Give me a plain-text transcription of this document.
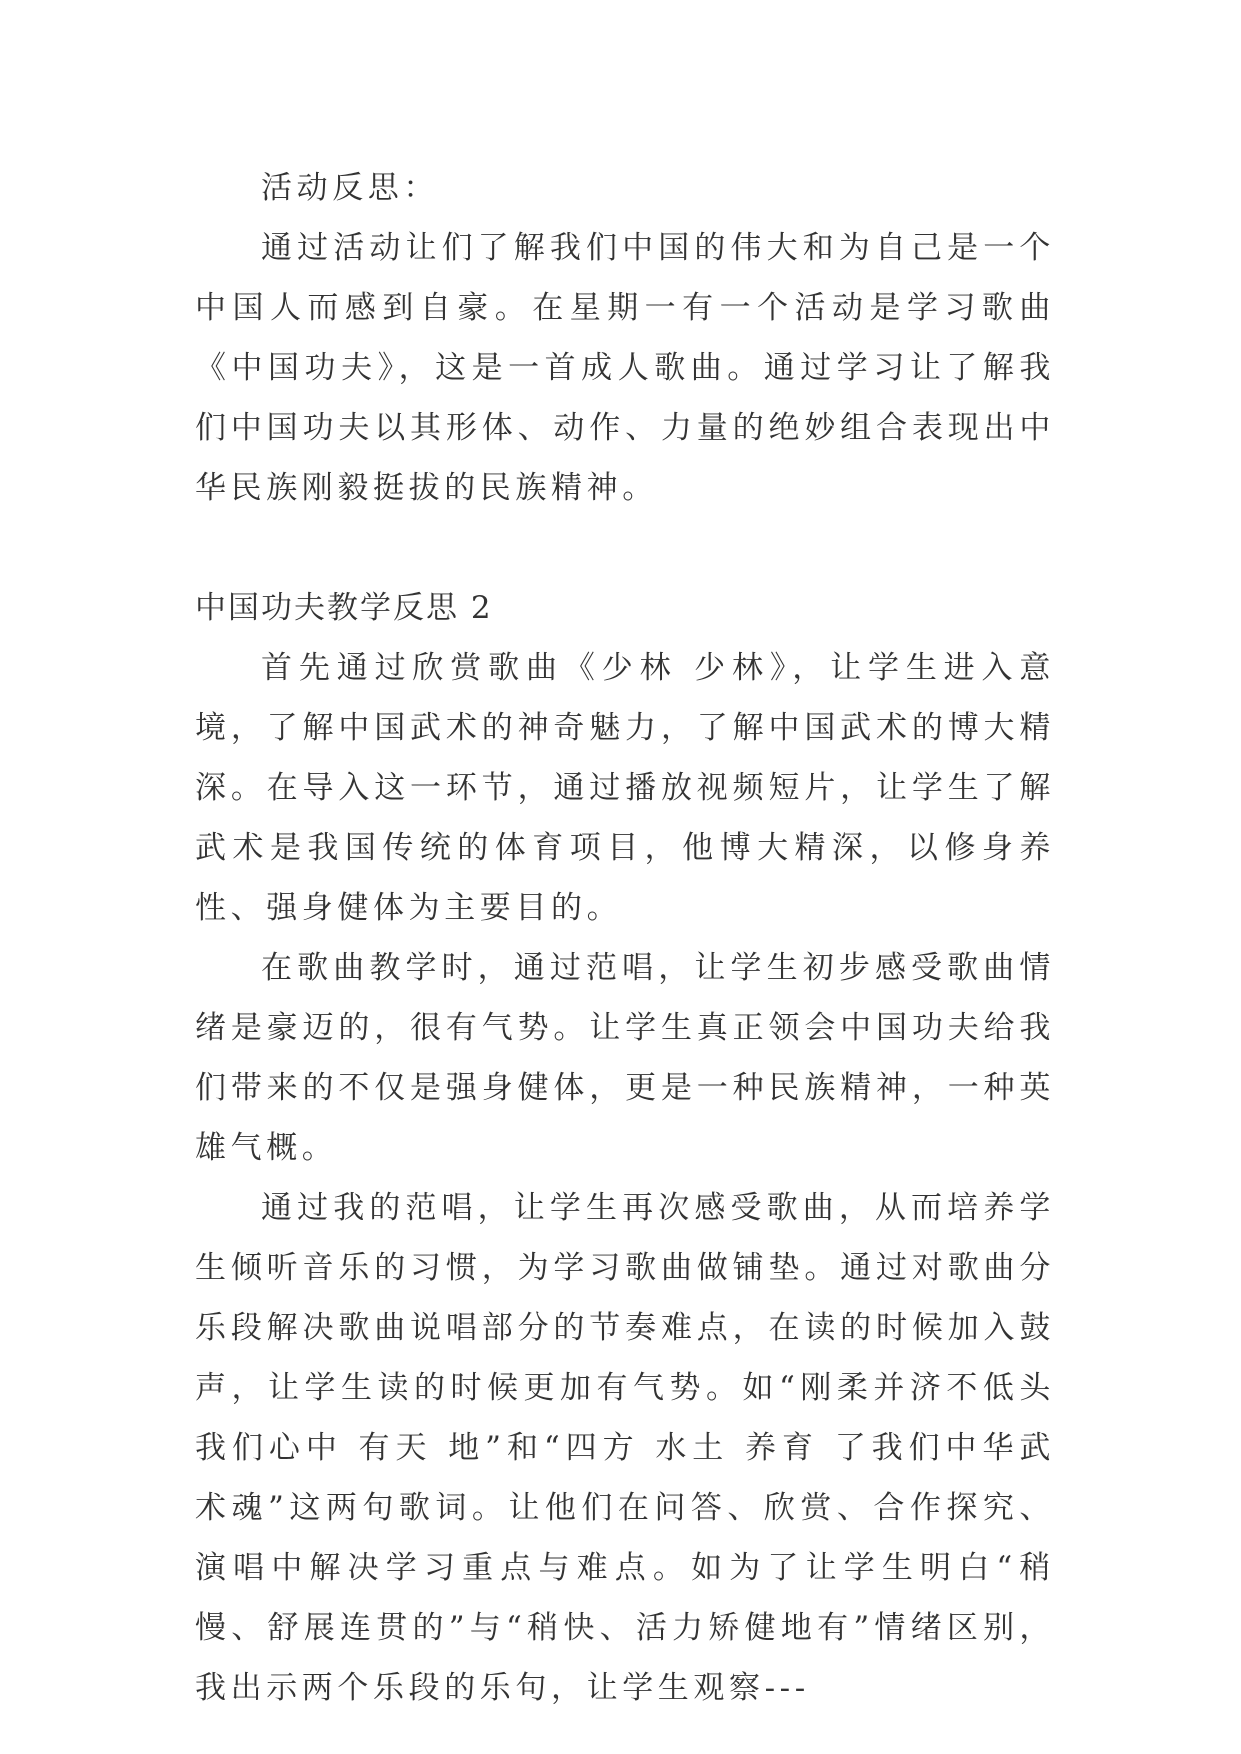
活动反思：

通过活动让们了解我们中国的伟大和为自己是一个中国人而感到自豪。在星期一有一个活动是学习歌曲《中国功夫》，这是一首成人歌曲。通过学习让了解我们中国功夫以其形体、动作、力量的绝妙组合表现出中华民族刚毅挺拔的民族精神。

中国功夫教学反思 2

首先通过欣赏歌曲《少林 少林》，让学生进入意境，了解中国武术的神奇魅力，了解中国武术的博大精深。在导入这一环节，通过播放视频短片，让学生了解武术是我国传统的体育项目，他博大精深，以修身养性、强身健体为主要目的。

在歌曲教学时，通过范唱，让学生初步感受歌曲情绪是豪迈的，很有气势。让学生真正领会中国功夫给我们带来的不仅是强身健体，更是一种民族精神，一种英雄气概。

通过我的范唱，让学生再次感受歌曲，从而培养学生倾听音乐的习惯，为学习歌曲做铺垫。通过对歌曲分乐段解决歌曲说唱部分的节奏难点，在读的时候加入鼓声，让学生读的时候更加有气势。如“刚柔并济不低头我们心中 有天 地”和“四方 水土 养育 了我们中华武术魂”这两句歌词。让他们在问答、欣赏、合作探究、演唱中解决学习重点与难点。如为了让学生明白“稍慢、舒展连贯的”与“稍快、活力矫健地有”情绪区别，我出示两个乐段的乐句，让学生观察---
